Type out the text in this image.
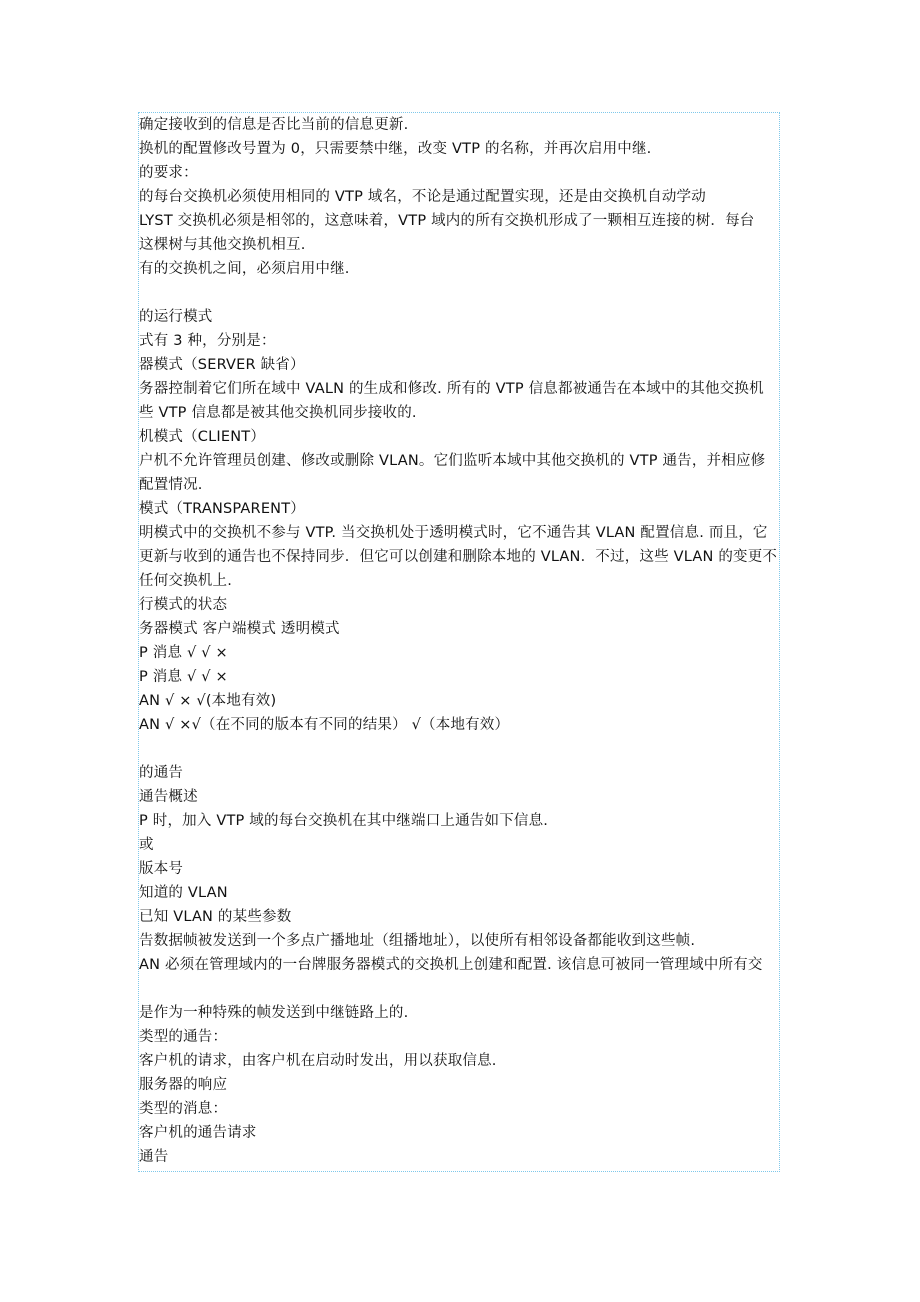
确定接收到的信息是否比当前的信息更新.
换机的配置修改号置为 0，只需要禁中继，改变 VTP 的名称，并再次启用中继.
的要求：
的每台交换机必须使用相同的 VTP 域名，不论是通过配置实现，还是由交换机自动学动
LYST 交换机必须是相邻的，这意味着，VTP 域内的所有交换机形成了一颗相互连接的树．每台
这棵树与其他交换机相互.
有的交换机之间，必须启用中继.
的运行模式
式有 3 种，分别是：
器模式（SERVER 缺省）
务器控制着它们所在域中 VALN 的生成和修改. 所有的 VTP 信息都被通告在本域中的其他交换机
些 VTP 信息都是被其他交换机同步接收的.
机模式（CLIENT）
户机不允许管理员创建、修改或删除 VLAN。它们监听本域中其他交换机的 VTP 通告，并相应修
配置情况.
模式（TRANSPARENT）
明模式中的交换机不参与 VTP. 当交换机处于透明模式时，它不通告其 VLAN 配置信息. 而且，它
更新与收到的通告也不保持同步．但它可以创建和删除本地的 VLAN．不过，这些 VLAN 的变更不
任何交换机上.
行模式的状态
务器模式 客户端模式 透明模式
P 消息 √ √ ×
P 消息 √ √ ×
AN √ × √(本地有效)
AN √ ×√（在不同的版本有不同的结果） √（本地有效）
的通告
通告概述
P 时，加入 VTP 域的每台交换机在其中继端口上通告如下信息.
或
版本号
知道的 VLAN
已知 VLAN 的某些参数
告数据帧被发送到一个多点广播地址（组播地址），以使所有相邻设备都能收到这些帧.
AN 必须在管理域内的一台牌服务器模式的交换机上创建和配置. 该信息可被同一管理域中所有交
是作为一种特殊的帧发送到中继链路上的.
类型的通告：
客户机的请求，由客户机在启动时发出，用以获取信息.
服务器的响应
类型的消息：
客户机的通告请求
通告
